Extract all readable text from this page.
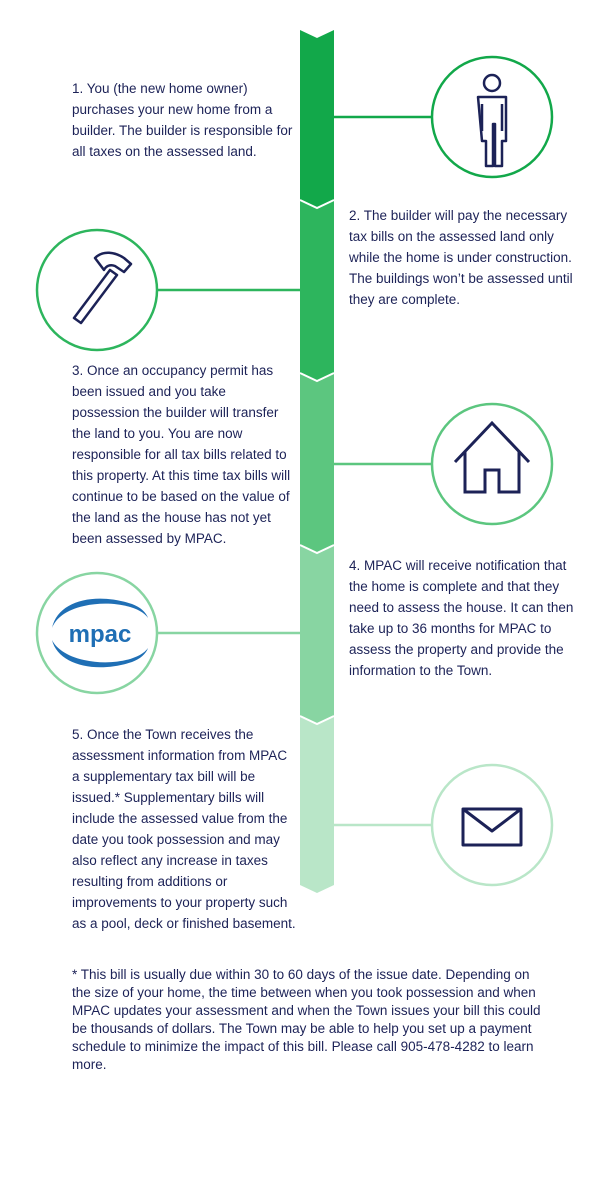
mpac

1. You (the new home owner) purchases your new home from a builder. The builder is responsible for all taxes on the assessed land.

2. The builder will pay the necessary tax bills on the assessed land only while the home is under construction. The buildings won’t be assessed until they are complete.

3. Once an occupancy permit has been issued and you take possession the builder will transfer the land to you. You are now responsible for all tax bills related to this property. At this time tax bills will continue to be based on the value of the land as the house has not yet been assessed by MPAC.

4. MPAC will receive notification that the home is complete and that they need to assess the house. It can then take up to 36 months for MPAC to assess the property and provide the information to the Town.

5. Once the Town receives the assessment information from MPAC a supplementary tax bill will be issued.* Supplementary bills will include the assessed value from the date you took possession and may also reflect any increase in taxes resulting from additions or improvements to your property such as a pool, deck or finished basement.

* This bill is usually due within 30 to 60 days of the issue date. Depending on the size of your home, the time between when you took possession and when MPAC updates your assessment and when the Town issues your bill this could be thousands of dollars. The Town may be able to help you set up a payment schedule to minimize the impact of this bill. Please call 905-478-4282 to learn more.
